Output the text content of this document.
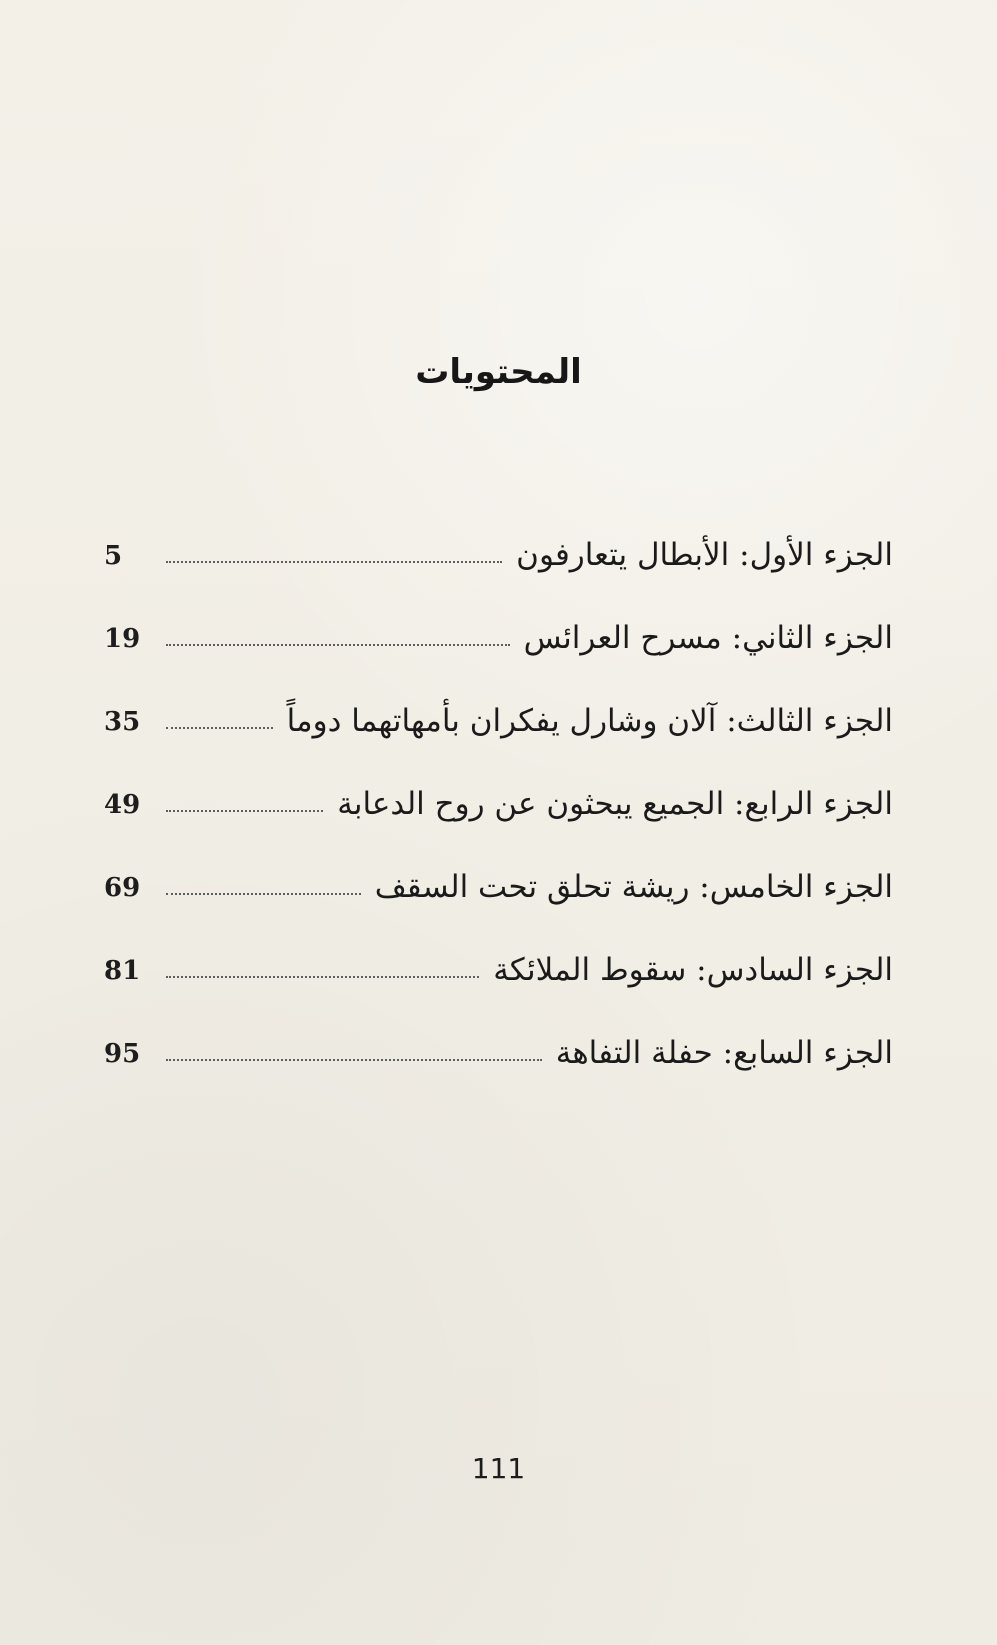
المحتويات
الجزء الأول: الأبطال يتعارفون
5
الجزء الثاني: مسرح العرائس
19
الجزء الثالث: آلان وشارل يفكران بأمهاتهما دوماً
35
الجزء الرابع: الجميع يبحثون عن روح الدعابة
49
الجزء الخامس: ريشة تحلق تحت السقف
69
الجزء السادس: سقوط الملائكة
81
الجزء السابع: حفلة التفاهة
95
111
